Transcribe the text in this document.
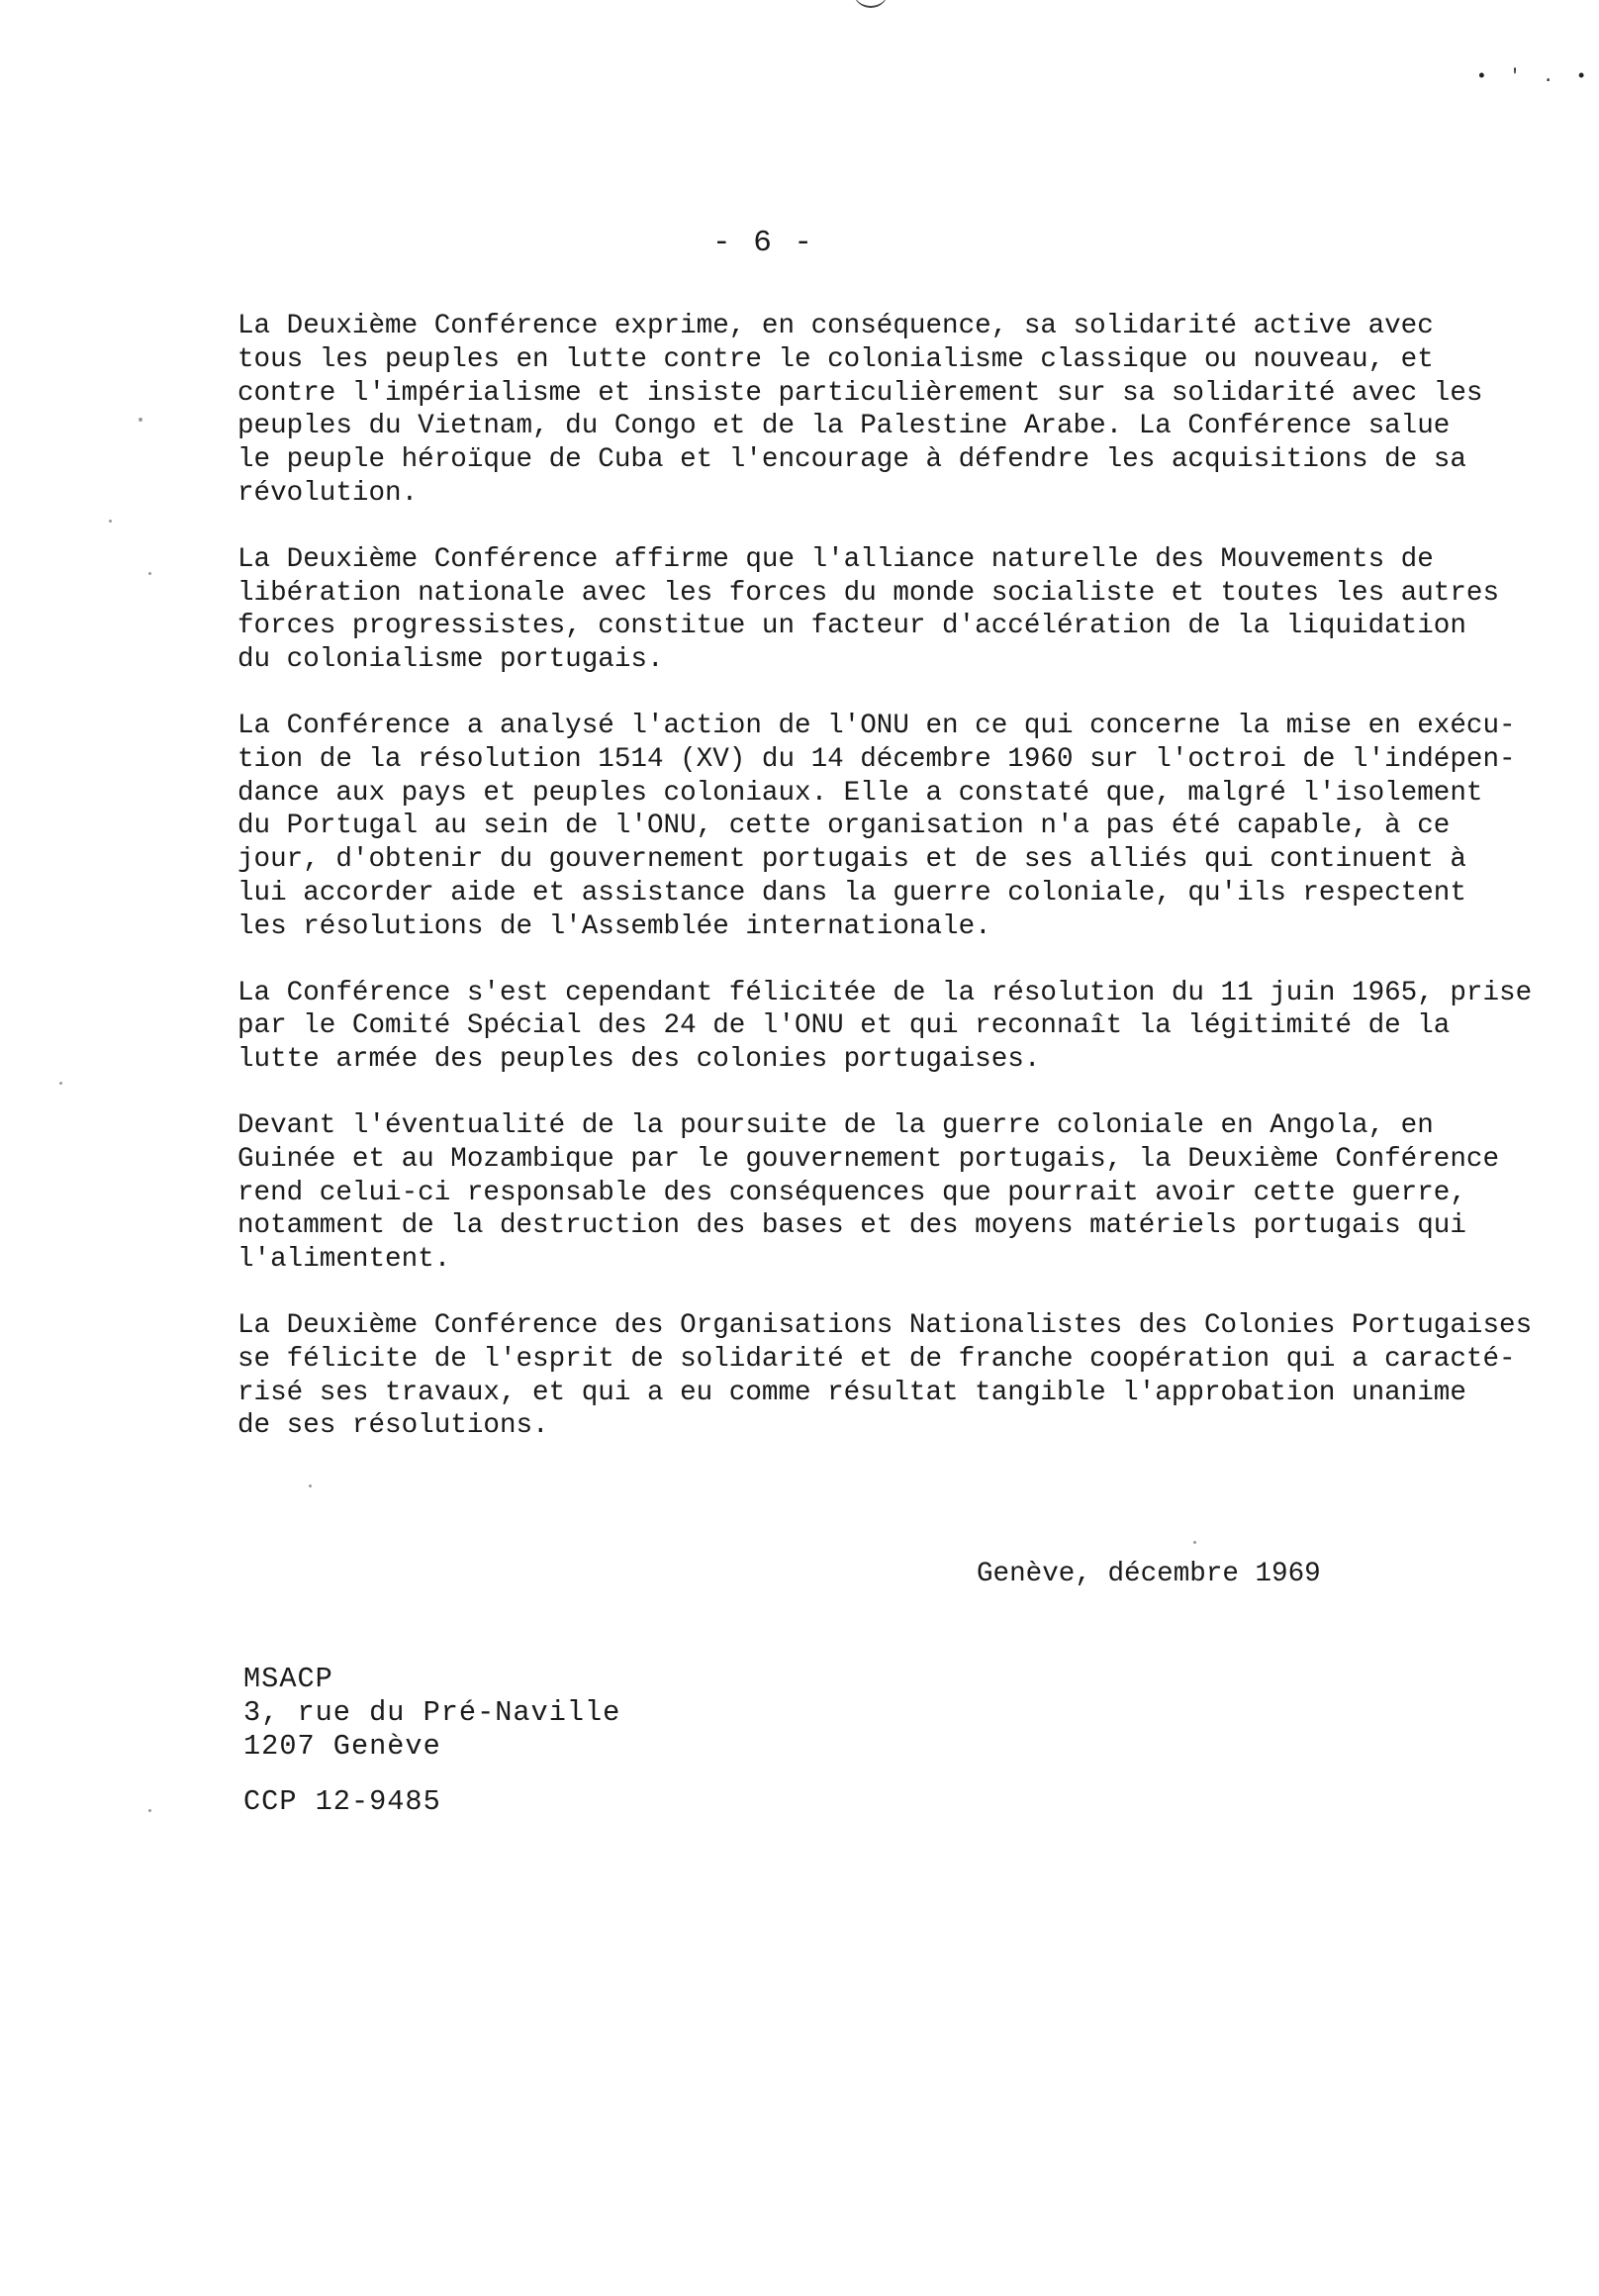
• ′ . •
- 6 -
La Deuxième Conférence exprime, en conséquence, sa solidarité active avec
tous les peuples en lutte contre le colonialisme classique ou nouveau, et
contre l'impérialisme et insiste particulièrement sur sa solidarité avec les
peuples du Vietnam, du Congo et de la Palestine Arabe. La Conférence salue
le peuple héroïque de Cuba et l'encourage à défendre les acquisitions de sa
révolution.
La Deuxième Conférence affirme que l'alliance naturelle des Mouvements de
libération nationale avec les forces du monde socialiste et toutes les autres
forces progressistes, constitue un facteur d'accélération de la liquidation
du colonialisme portugais.
La Conférence a analysé l'action de l'ONU en ce qui concerne la mise en exécu-
tion de la résolution 1514 (XV) du 14 décembre 1960 sur l'octroi de l'indépen-
dance aux pays et peuples coloniaux. Elle a constaté que, malgré l'isolement
du Portugal au sein de l'ONU, cette organisation n'a pas été capable, à ce
jour, d'obtenir du gouvernement portugais et de ses alliés qui continuent à
lui accorder aide et assistance dans la guerre coloniale, qu'ils respectent
les résolutions de l'Assemblée internationale.
La Conférence s'est cependant félicitée de la résolution du 11 juin 1965, prise
par le Comité Spécial des 24 de l'ONU et qui reconnaît la légitimité de la
lutte armée des peuples des colonies portugaises.
Devant l'éventualité de la poursuite de la guerre coloniale en Angola, en
Guinée et au Mozambique par le gouvernement portugais, la Deuxième Conférence
rend celui-ci responsable des conséquences que pourrait avoir cette guerre,
notamment de la destruction des bases et des moyens matériels portugais qui
l'alimentent.
La Deuxième Conférence des Organisations Nationalistes des Colonies Portugaises
se félicite de l'esprit de solidarité et de franche coopération qui a caracté-
risé ses travaux, et qui a eu comme résultat tangible l'approbation unanime
de ses résolutions.
Genève, décembre 1969
MSACP
3, rue du Pré-Naville
1207 Genève
CCP 12-9485
